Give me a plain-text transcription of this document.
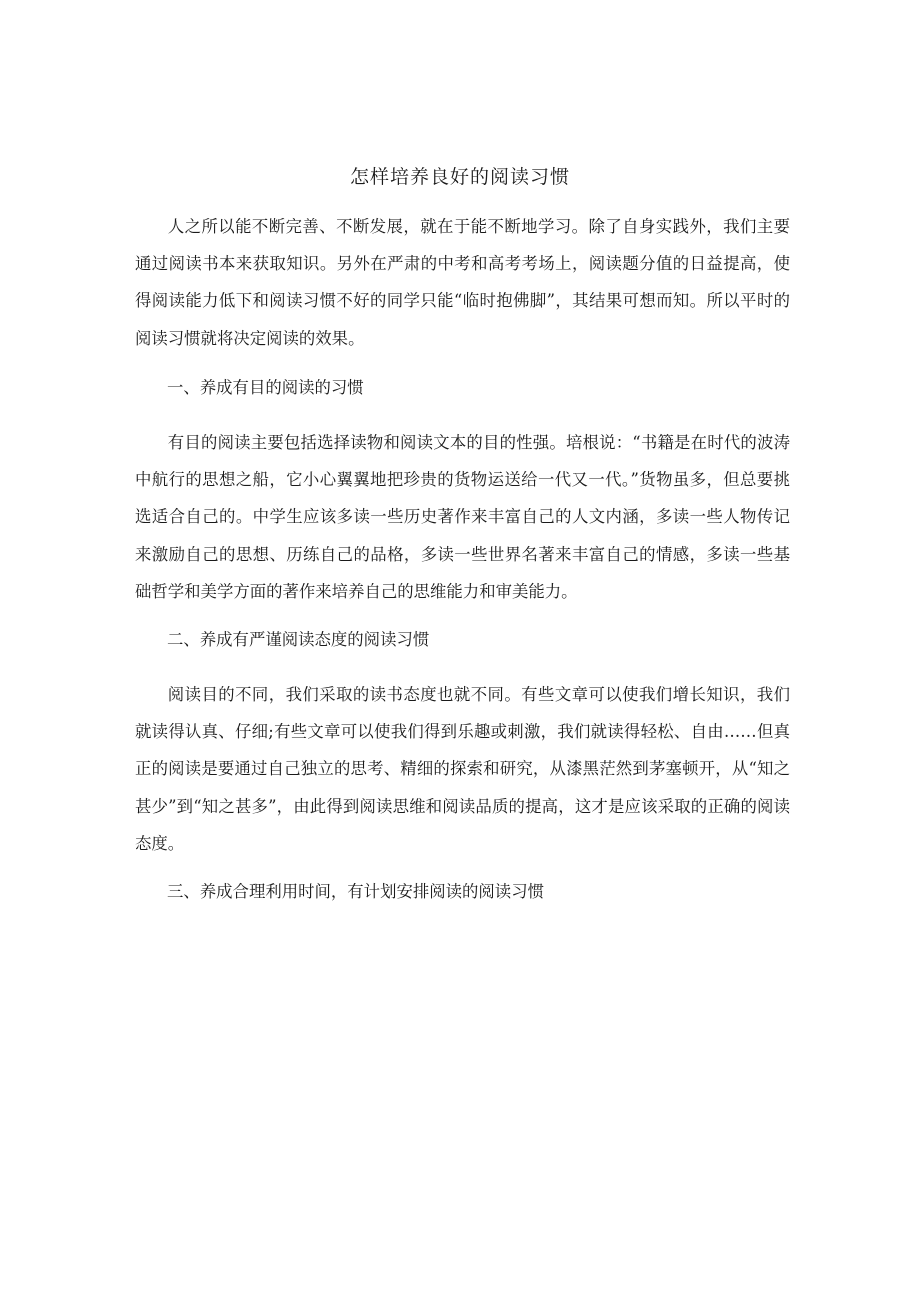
怎样培养良好的阅读习惯

人之所以能不断完善、不断发展，就在于能不断地学习。除了自身实践外，我们主要通过阅读书本来获取知识。另外在严肃的中考和高考考场上，阅读题分值的日益提高，使得阅读能力低下和阅读习惯不好的同学只能“临时抱佛脚”，其结果可想而知。所以平时的阅读习惯就将决定阅读的效果。

一、养成有目的阅读的习惯

有目的阅读主要包括选择读物和阅读文本的目的性强。培根说：“书籍是在时代的波涛中航行的思想之船，它小心翼翼地把珍贵的货物运送给一代又一代。”货物虽多，但总要挑选适合自己的。中学生应该多读一些历史著作来丰富自己的人文内涵，多读一些人物传记来激励自己的思想、历练自己的品格，多读一些世界名著来丰富自己的情感，多读一些基础哲学和美学方面的著作来培养自己的思维能力和审美能力。

二、养成有严谨阅读态度的阅读习惯

阅读目的不同，我们采取的读书态度也就不同。有些文章可以使我们增长知识，我们就读得认真、仔细;有些文章可以使我们得到乐趣或刺激，我们就读得轻松、自由……但真正的阅读是要通过自己独立的思考、精细的探索和研究，从漆黑茫然到茅塞顿开，从“知之甚少”到“知之甚多”，由此得到阅读思维和阅读品质的提高，这才是应该采取的正确的阅读态度。

三、养成合理利用时间，有计划安排阅读的阅读习惯
